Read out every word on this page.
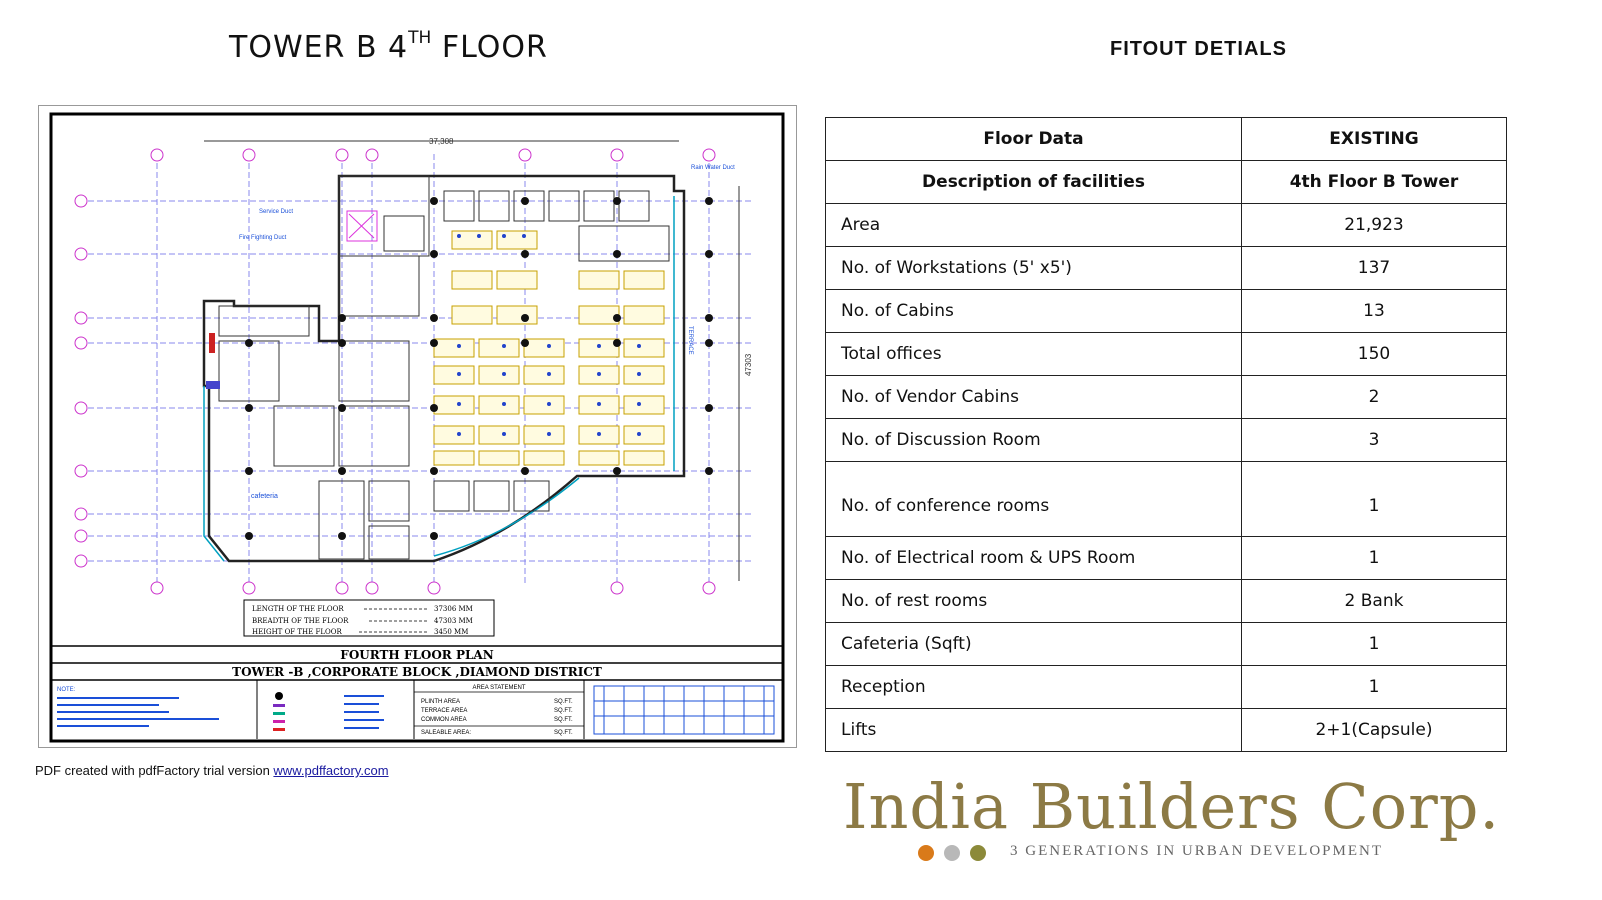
TOWER B 4TH FLOOR	FITOUT DETIALS
37,308
47303
Service Duct
Fire Fighting Duct
Rain Water Duct
cafeteria
TERRACE
LENGTH OF THE FLOOR	37306 MM
BREADTH OF THE FLOOR	47303 MM
HEIGHT OF THE FLOOR	3450 MM
FOURTH FLOOR PLAN
TOWER -B ,CORPORATE BLOCK ,DIAMOND DISTRICT
NOTE:	AREA STATEMENT
PLINTH AREA	SQ.FT.
TERRACE AREA	SQ.FT.
COMMON AREA	SQ.FT.
SALEABLE AREA:	SQ.FT.
PDF created with pdfFactory trial version www.pdffactory.com
Floor Data	EXISTING
Description of facilities	4th Floor B Tower
Area	21,923
No. of Workstations (5' x5')	137
No. of Cabins	13
Total offices	150
No. of Vendor Cabins	2
No. of Discussion Room	3
No. of conference rooms	1
No. of Electrical room & UPS Room	1
No. of rest rooms	2 Bank
Cafeteria (Sqft)	1
Reception	1
Lifts	2+1(Capsule)
India Builders Corp.
3 GENERATIONS IN URBAN DEVELOPMENT
